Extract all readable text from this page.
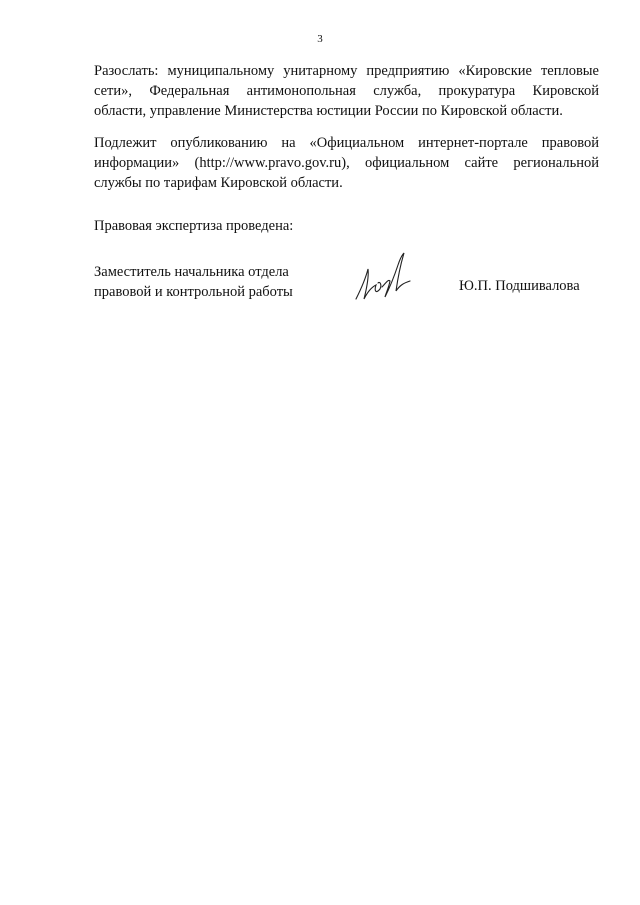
3
Разослать: муниципальному унитарному предприятию «Кировские тепловые
сети», Федеральная антимонопольная служба, прокуратура Кировской
области, управление Министерства юстиции России по Кировской области.
Подлежит опубликованию на «Официальном интернет-портале правовой
информации» (http://www.pravo.gov.ru), официальном сайте региональной
службы по тарифам Кировской области.
Правовая экспертиза проведена:
Заместитель начальника отдела
правовой и контрольной работы	Ю.П. Подшивалова
